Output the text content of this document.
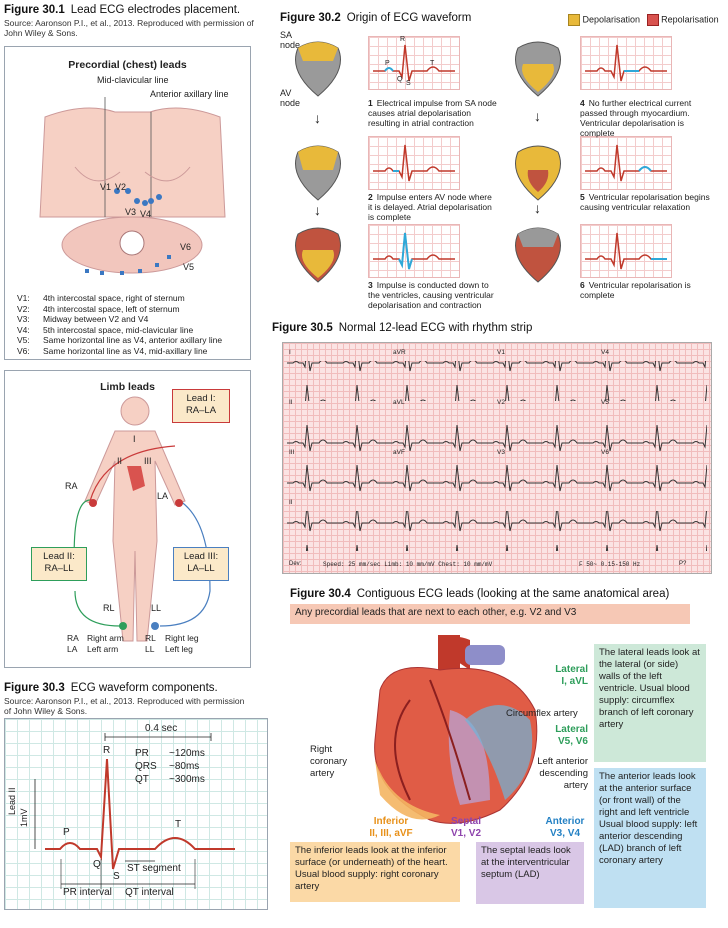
Figure 30.1 Lead ECG electrodes placement.
Source: Aaronson P.I., et al., 2013. Reproduced with permission of John Wiley & Sons.
Precordial (chest) leads
Mid-clavicular line
Anterior axillary line
V1 V2
V3 V4
V5
V6
V1: 4th intercostal space, right of sternum
V2: 4th intercostal space, left of sternum
V3: Midway between V2 and V4
V4: 5th intercostal space, mid-clavicular line
V5: Same horizontal line as V4, anterior axillary line
V6: Same horizontal line as V4, mid-axillary line
Limb leads
Lead I:
RA–LA
Lead II:
RA–LL
Lead III:
LA–LL
RA
LA
RL	LL
I
II III
RA Right arm RL Right leg
LA Left arm	LL Left leg
Figure 30.3 ECG waveform components.
Source: Aaronson P.I., et al., 2013. Reproduced with permission of John Wiley & Sons.
0.4 sec
PR ~120ms
QRS ~80ms
QT ~300ms
Lead II
1mV
P
Q
R
S
T
ST segment
PR interval QT interval
Figure 30.2 Origin of ECG waveform	Depolarisation Repolarisation
SA node
AV node
↓
↓
↓
↓
R
P
Q
S
T
1 Electrical impulse from SA node causes atrial depolarisation resulting in atrial contraction
2 Impulse enters AV node where it is delayed. Atrial depolarisation is complete
3 Impulse is conducted down to the ventricles, causing ventricular depolarisation and contraction
4 No further electrical current passed through myocardium. Ventricular depolarisation is complete
5 Ventricular repolarisation begins causing ventricular relaxation
6 Ventricular repolarisation is complete
Figure 30.5 Normal 12-lead ECG with rhythm strip
I	aVR	V1	V4
II	aVL	V2	V5
III	aVF	V3	V6
II
Dev:	Speed: 25 mm/sec Limb: 10 mm/mV Chest: 10 mm/mV	F 50~ 0.15-150 Hz	P?
Figure 30.4 Contiguous ECG leads (looking at the same anatomical area)
Any precordial leads that are next to each other, e.g. V2 and V3
Lateral
I, aVL
Lateral
V5, V6
Circumflex artery
Right coronary artery
Left anterior descending artery
Inferior
II, III, aVF
Septal
V1, V2
Anterior
V3, V4
The lateral leads look at the lateral (or side) walls of the left ventricle. Usual blood supply: circumflex branch of left coronary artery
The anterior leads look at the anterior surface (or front wall) of the right and left ventricle Usual blood supply: left anterior descending (LAD) branch of left coronary artery
The inferior leads look at the inferior surface (or underneath) of the heart. Usual blood supply: right coronary artery
The septal leads look at the interventricular septum (LAD)
